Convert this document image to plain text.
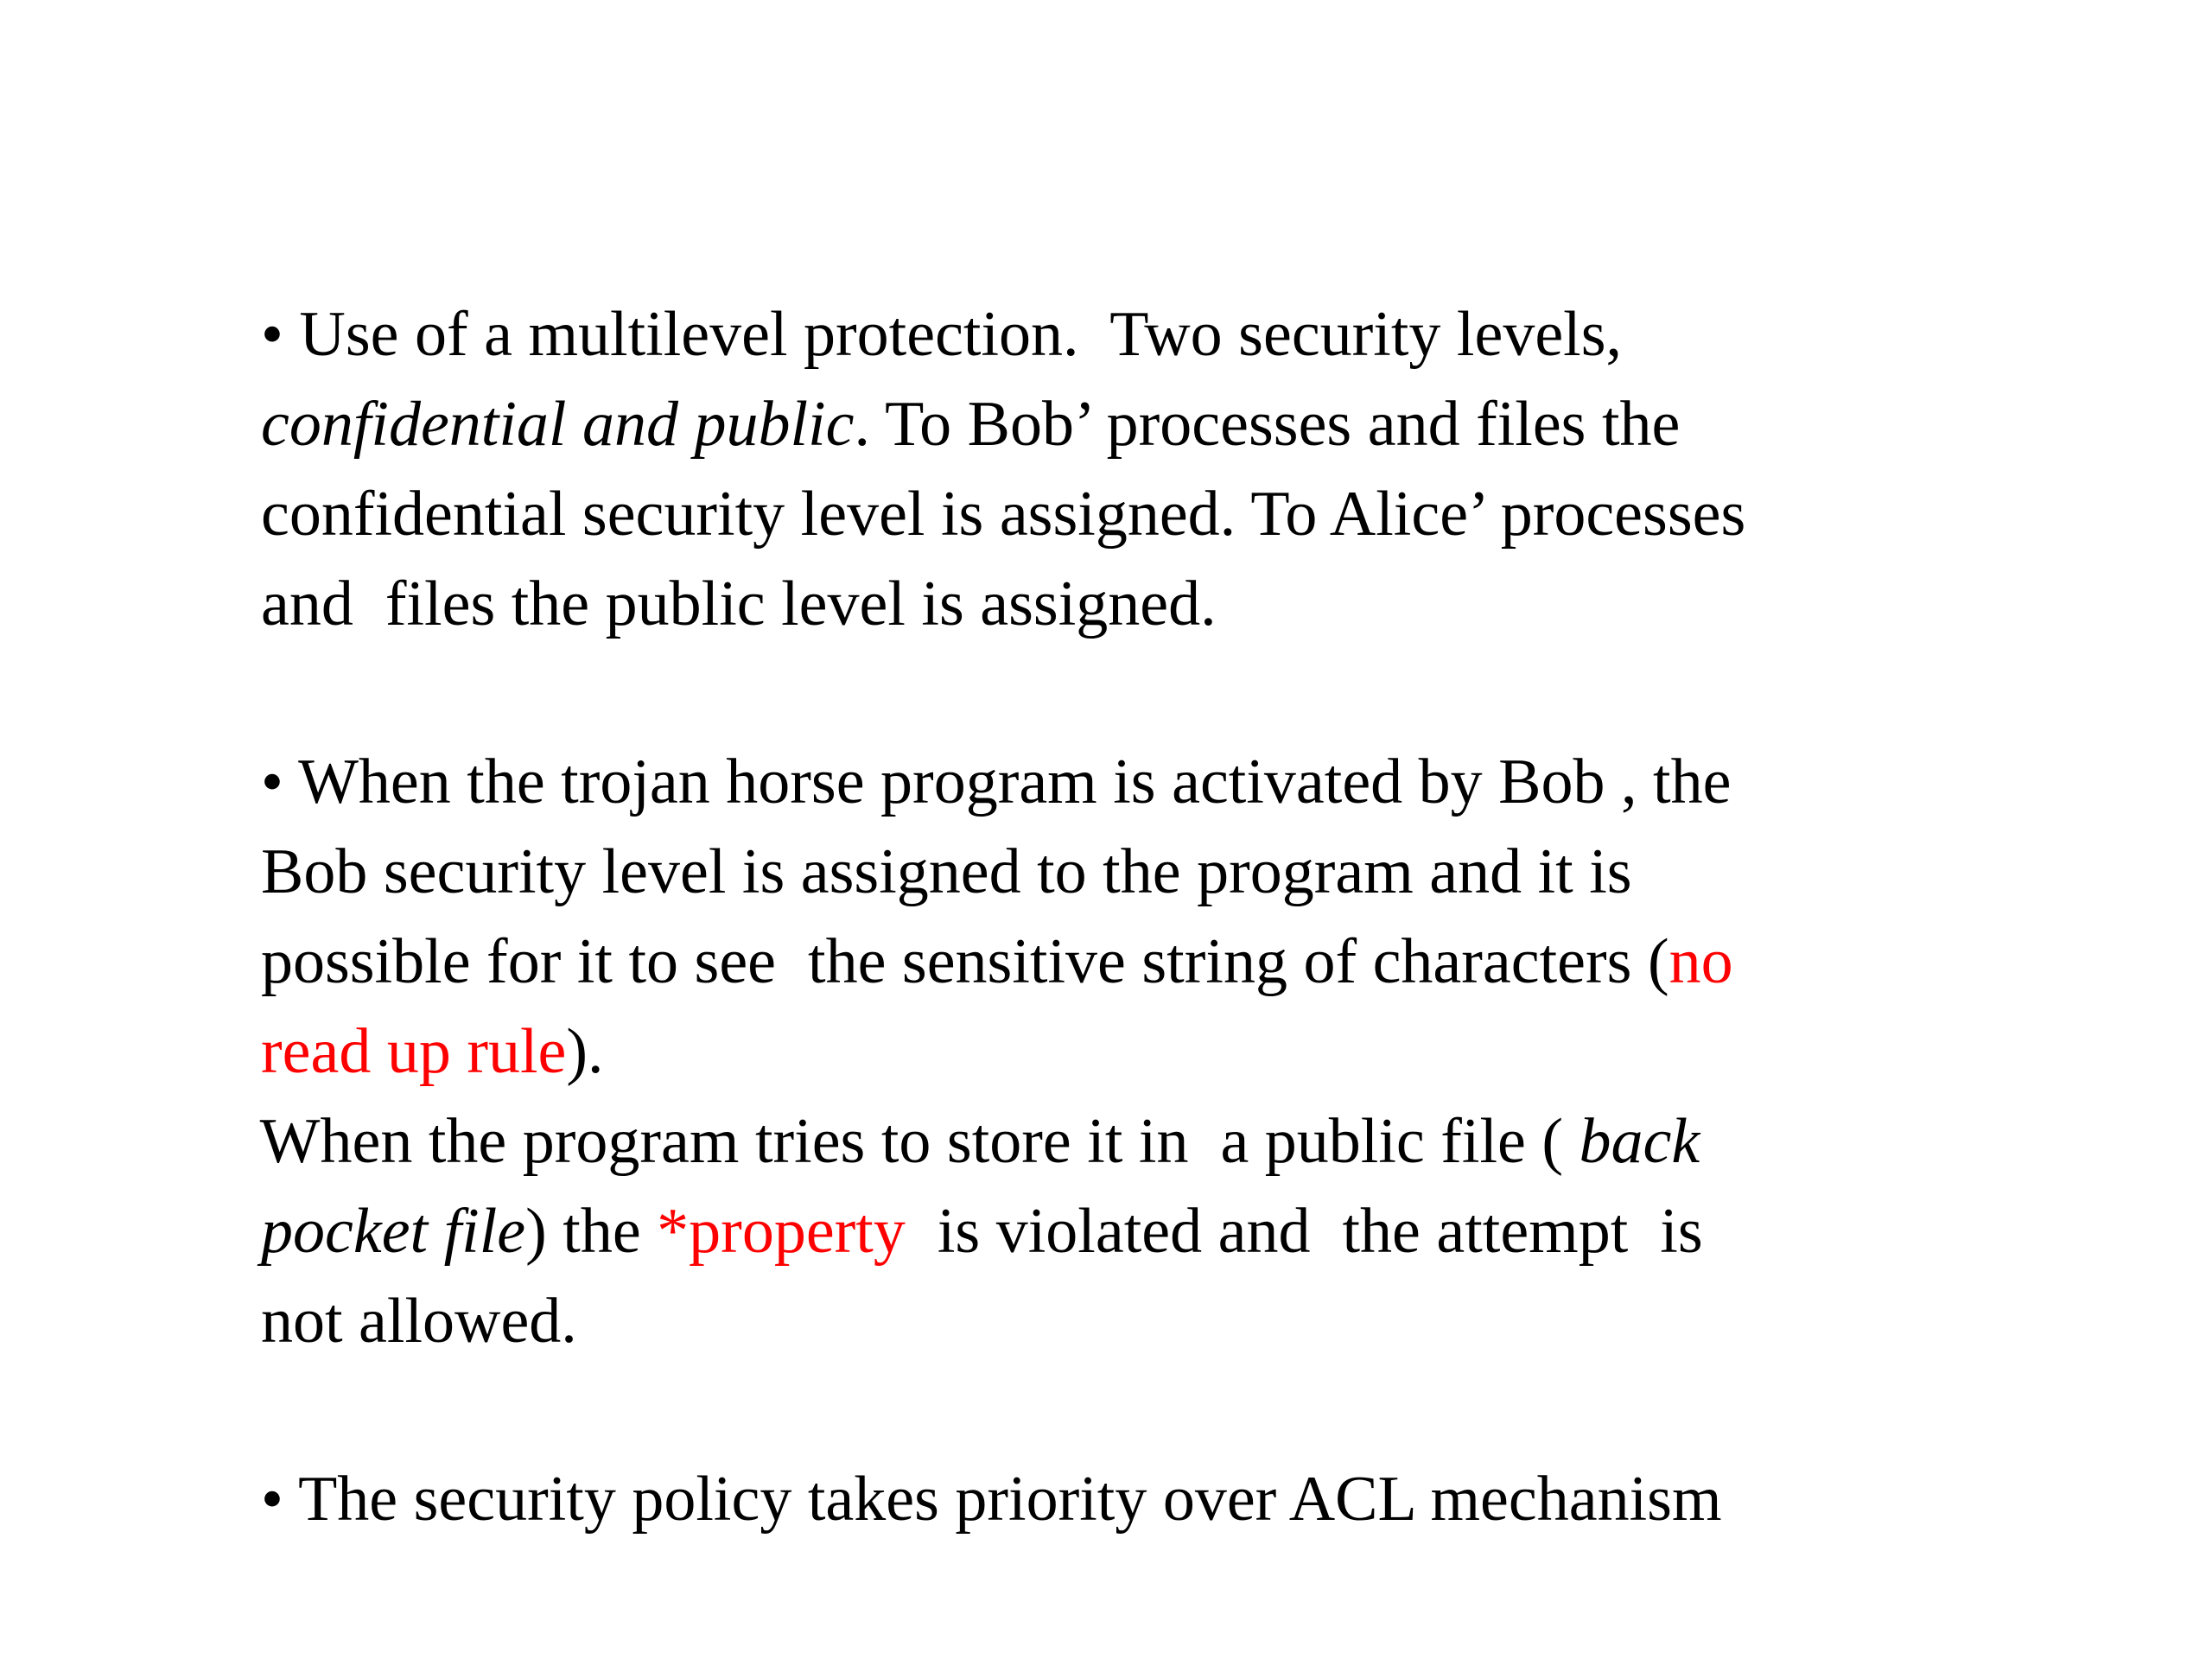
• Use of a multilevel protection.  Two security levels,

confidential and public. To Bob’ processes and files the

confidential security level is assigned. To Alice’ processes

and  files the public level is assigned.

• When the trojan horse program is activated by Bob , the

Bob security level is assigned to the program and it is

possible for it to see  the sensitive string of characters (no

read up rule).

When the program tries to store it in  a public file ( back

pocket file) the *property  is violated and  the attempt  is

not allowed.

• The security policy takes priority over ACL mechanism
